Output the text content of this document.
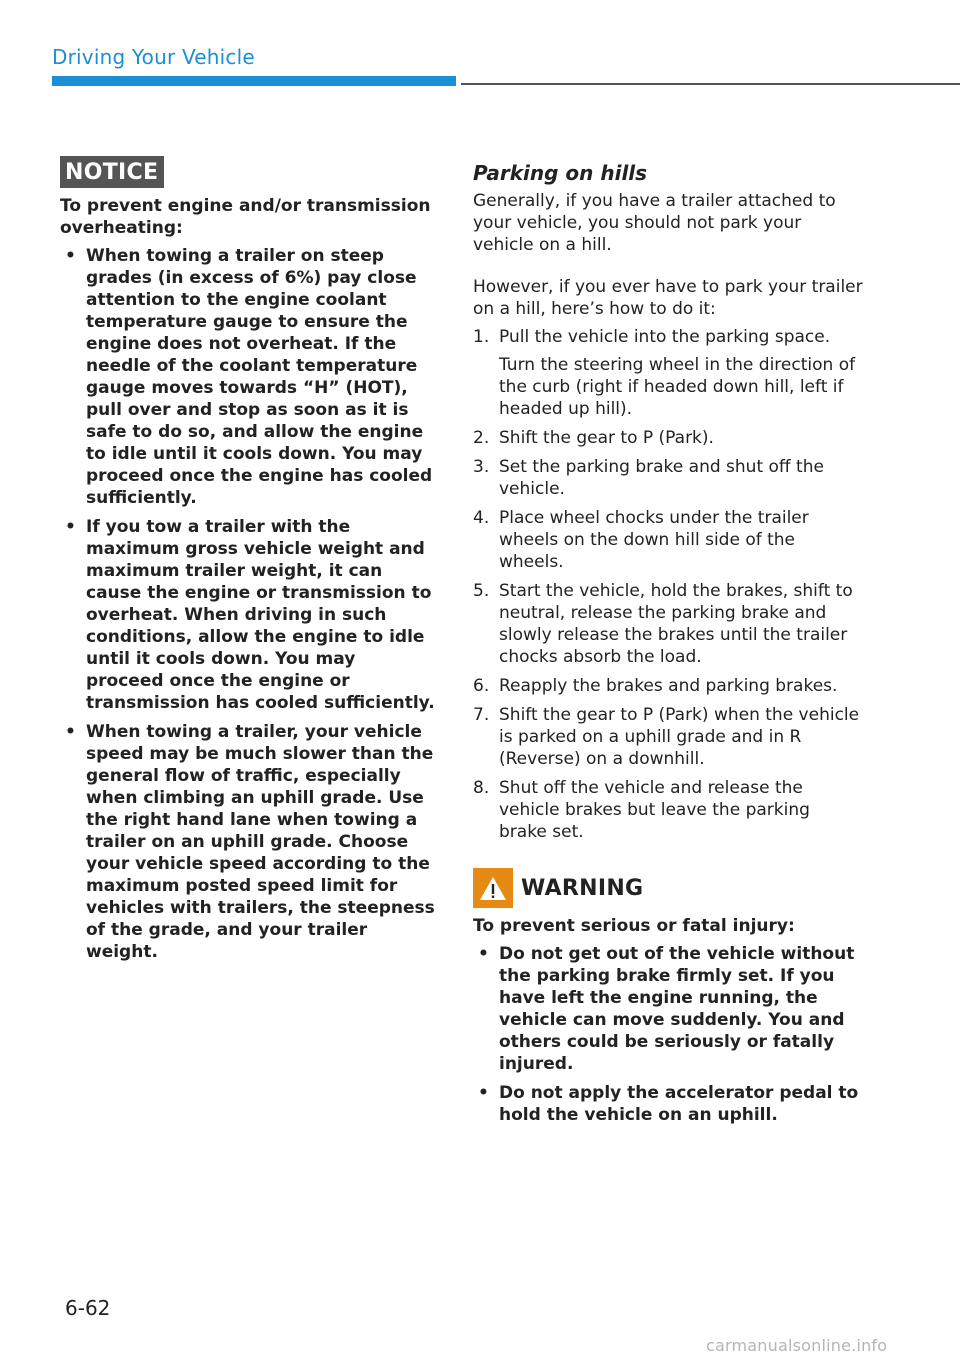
Driving Your Vehicle
NOTICE
To prevent engine and/or transmission overheating:
• When towing a trailer on steep grades (in excess of 6%) pay close attention to the engine coolant temperature gauge to ensure the engine does not overheat. If the needle of the coolant temperature gauge moves towards “H” (HOT), pull over and stop as soon as it is safe to do so, and allow the engine to idle until it cools down. You may proceed once the engine has cooled sufficiently.
• If you tow a trailer with the maximum gross vehicle weight and maximum trailer weight, it can cause the engine or transmission to overheat. When driving in such conditions, allow the engine to idle until it cools down. You may proceed once the engine or transmission has cooled sufficiently.
• When towing a trailer, your vehicle speed may be much slower than the general flow of traffic, especially when climbing an uphill grade. Use the right hand lane when towing a trailer on an uphill grade. Choose your vehicle speed according to the maximum posted speed limit for vehicles with trailers, the steepness of the grade, and your trailer weight.
Parking on hills

Generally, if you have a trailer attached to your vehicle, you should not park your vehicle on a hill.

However, if you ever have to park your trailer on a hill, here’s how to do it:

1. Pull the vehicle into the parking space.
Turn the steering wheel in the direction of the curb (right if headed down hill, left if headed up hill).
2. Shift the gear to P (Park).
3. Set the parking brake and shut off the vehicle.
4. Place wheel chocks under the trailer wheels on the down hill side of the wheels.
5. Start the vehicle, hold the brakes, shift to neutral, release the parking brake and slowly release the brakes until the trailer chocks absorb the load.
6. Reapply the brakes and parking brakes.
7. Shift the gear to P (Park) when the vehicle is parked on a uphill grade and in R (Reverse) on a downhill.
8. Shut off the vehicle and release the vehicle brakes but leave the parking brake set.
WARNING
To prevent serious or fatal injury:
• Do not get out of the vehicle without the parking brake firmly set. If you have left the engine running, the vehicle can move suddenly. You and others could be seriously or fatally injured.
• Do not apply the accelerator pedal to hold the vehicle on an uphill.
6-62
carmanualsonline.info
